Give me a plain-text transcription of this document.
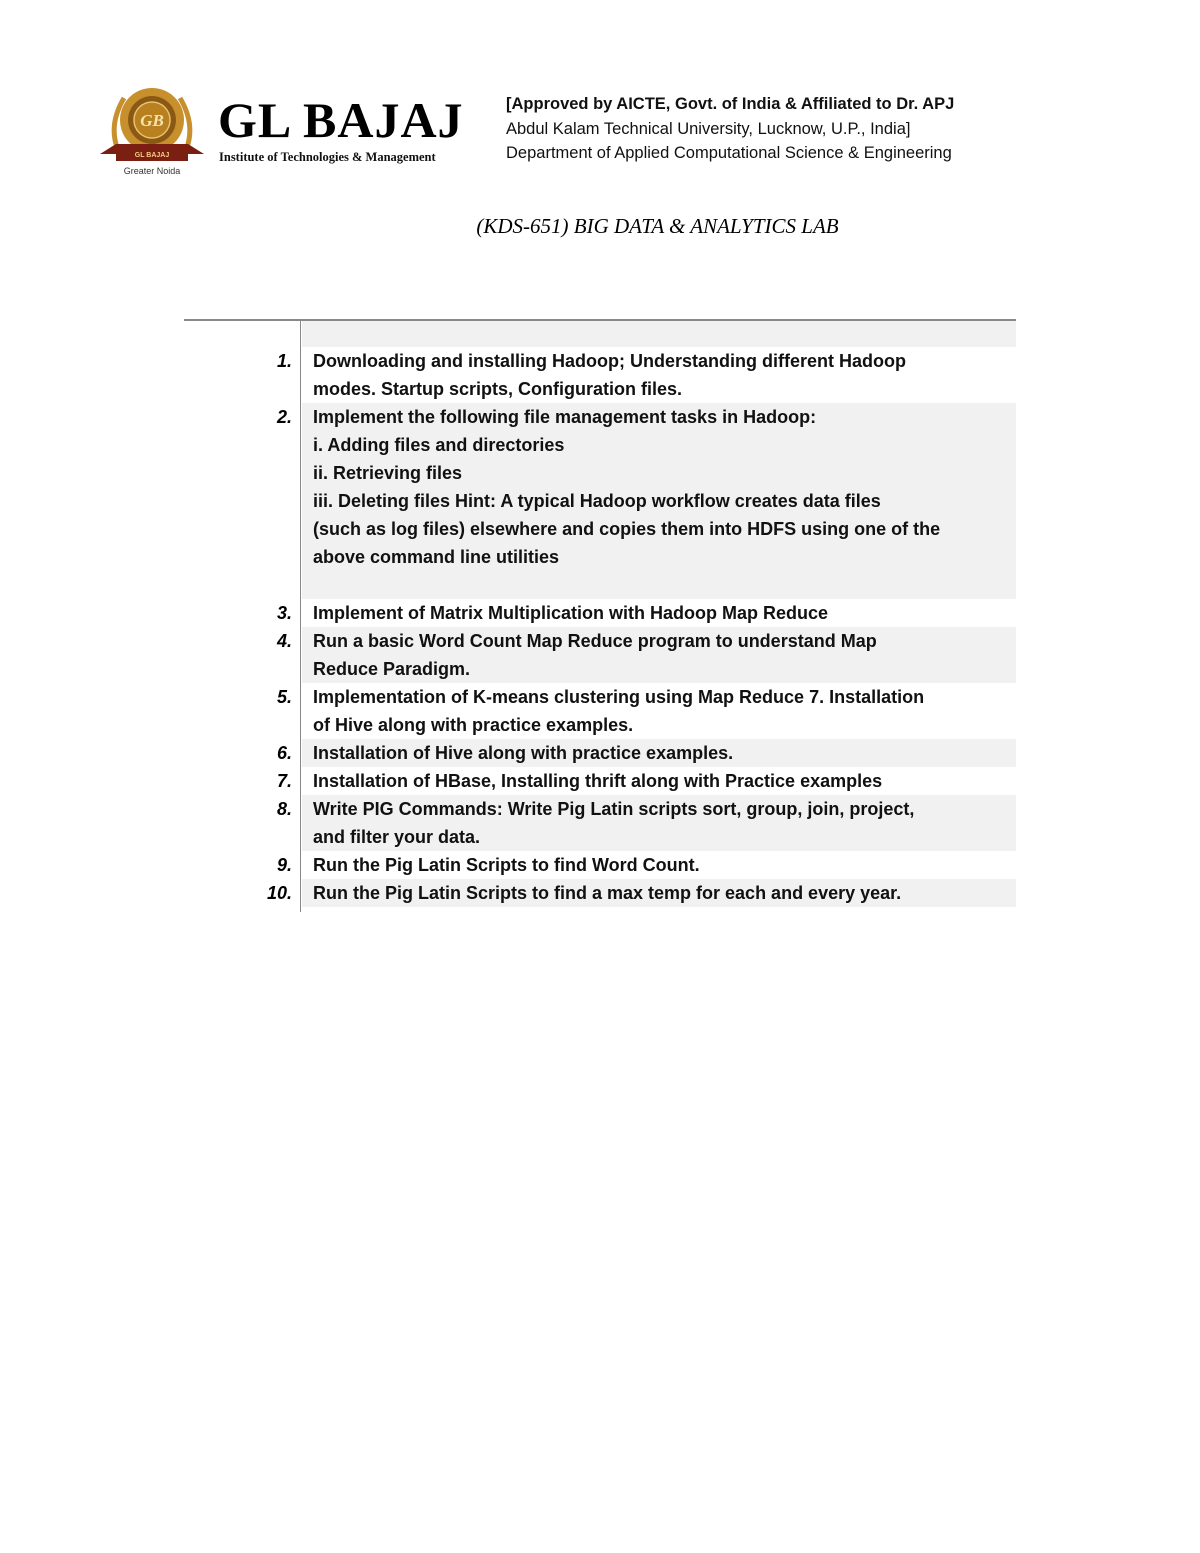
GB
GL BAJAJ
Greater Noida
GL BAJAJ
Institute of Technologies & Management
[Approved by AICTE, Govt. of India & Affiliated to Dr. APJ
Abdul Kalam Technical University, Lucknow, U.P., India]
Department of Applied Computational Science & Engineering
(KDS-651) BIG DATA & ANALYTICS LAB
1.	Downloading and installing Hadoop; Understanding different Hadoop
modes. Startup scripts, Configuration files.
2.	Implement the following file management tasks in Hadoop:
i. Adding files and directories
ii. Retrieving files
iii. Deleting files Hint: A typical Hadoop workflow creates data files
(such as log files) elsewhere and copies them into HDFS using one of the
above command line utilities
3.	Implement of Matrix Multiplication with Hadoop Map Reduce
4.	Run a basic Word Count Map Reduce program to understand Map
Reduce Paradigm.
5.	Implementation of K-means clustering using Map Reduce 7. Installation
of Hive along with practice examples.
6.	Installation of Hive along with practice examples.
7.	Installation of HBase, Installing thrift along with Practice examples
8.	Write PIG Commands: Write Pig Latin scripts sort, group, join, project,
and filter your data.
9.	Run the Pig Latin Scripts to find Word Count.
10.	Run the Pig Latin Scripts to find a max temp for each and every year.
